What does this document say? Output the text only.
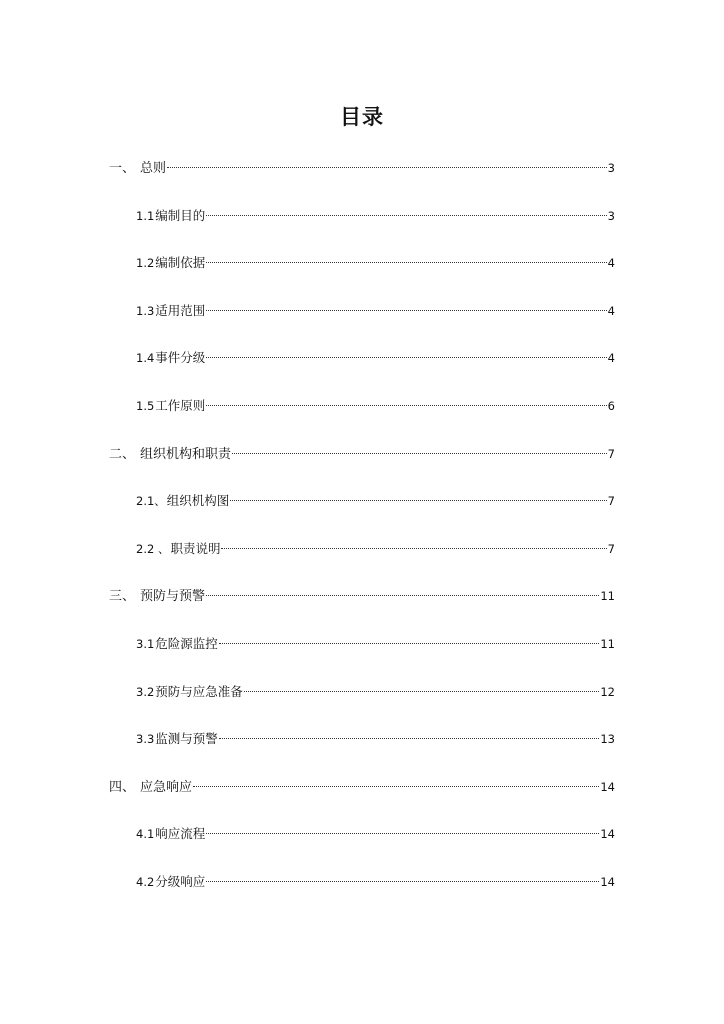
目录
一、 总则	3
1.1 编制目的	3
1.2 编制依据	4
1.3 适用范围	4
1.4 事件分级	4
1.5 工作原则	6
二、 组织机构和职责	7
2.1、 组织机构图	7
2.2 、 职责说明	7
三、 预防与预警	11
3.1 危险源监控	11
3.2 预防与应急准备	12
3.3 监测与预警	13
四、 应急响应	14
4.1 响应流程	14
4.2 分级响应	14
